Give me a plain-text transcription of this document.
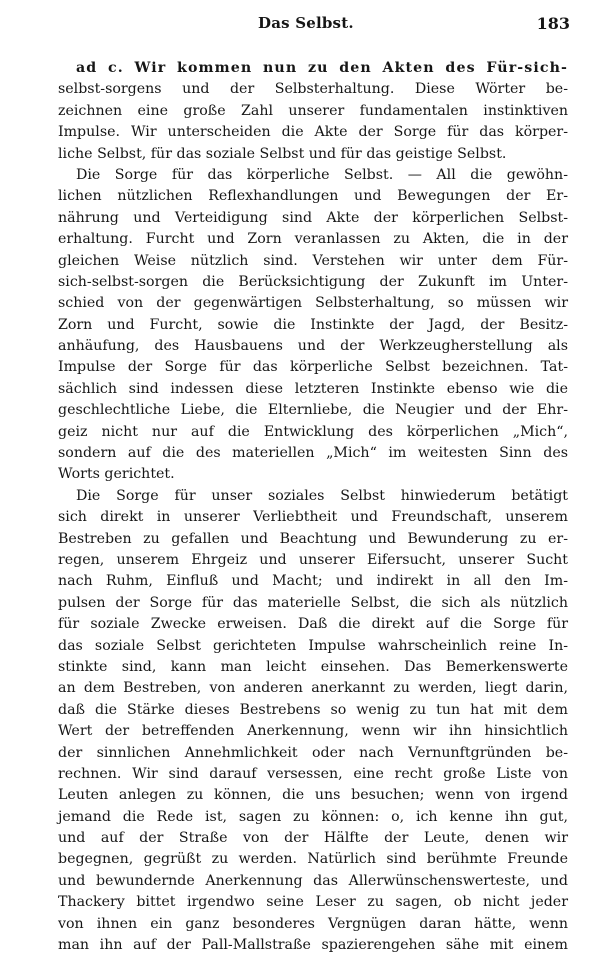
Das Selbst.	183
ad c. Wir kommen nun zu den Akten des Für-sich-
selbst-sorgens und der Selbsterhaltung. Diese Wörter be-
zeichnen eine große Zahl unserer fundamentalen instinktiven
Impulse. Wir unterscheiden die Akte der Sorge für das körper-
liche Selbst, für das soziale Selbst und für das geistige Selbst.
Die Sorge für das körperliche Selbst. — All die gewöhn-
lichen nützlichen Reflexhandlungen und Bewegungen der Er-
nährung und Verteidigung sind Akte der körperlichen Selbst-
erhaltung. Furcht und Zorn veranlassen zu Akten, die in der
gleichen Weise nützlich sind. Verstehen wir unter dem Für-
sich-selbst-sorgen die Berücksichtigung der Zukunft im Unter-
schied von der gegenwärtigen Selbsterhaltung, so müssen wir
Zorn und Furcht, sowie die Instinkte der Jagd, der Besitz-
anhäufung, des Hausbauens und der Werkzeugherstellung als
Impulse der Sorge für das körperliche Selbst bezeichnen. Tat-
sächlich sind indessen diese letzteren Instinkte ebenso wie die
geschlechtliche Liebe, die Elternliebe, die Neugier und der Ehr-
geiz nicht nur auf die Entwicklung des körperlichen „Mich“,
sondern auf die des materiellen „Mich“ im weitesten Sinn des
Worts gerichtet.
Die Sorge für unser soziales Selbst hinwiederum betätigt
sich direkt in unserer Verliebtheit und Freundschaft, unserem
Bestreben zu gefallen und Beachtung und Bewunderung zu er-
regen, unserem Ehrgeiz und unserer Eifersucht, unserer Sucht
nach Ruhm, Einfluß und Macht; und indirekt in all den Im-
pulsen der Sorge für das materielle Selbst, die sich als nützlich
für soziale Zwecke erweisen. Daß die direkt auf die Sorge für
das soziale Selbst gerichteten Impulse wahrscheinlich reine In-
stinkte sind, kann man leicht einsehen. Das Bemerkenswerte
an dem Bestreben, von anderen anerkannt zu werden, liegt darin,
daß die Stärke dieses Bestrebens so wenig zu tun hat mit dem
Wert der betreffenden Anerkennung, wenn wir ihn hinsichtlich
der sinnlichen Annehmlichkeit oder nach Vernunftgründen be-
rechnen. Wir sind darauf versessen, eine recht große Liste von
Leuten anlegen zu können, die uns besuchen; wenn von irgend
jemand die Rede ist, sagen zu können: o, ich kenne ihn gut,
und auf der Straße von der Hälfte der Leute, denen wir
begegnen, gegrüßt zu werden. Natürlich sind berühmte Freunde
und bewundernde Anerkennung das Allerwünschenswerteste, und
Thackery bittet irgendwo seine Leser zu sagen, ob nicht jeder
von ihnen ein ganz besonderes Vergnügen daran hätte, wenn
man ihn auf der Pall-Mallstraße spazierengehen sähe mit einem
